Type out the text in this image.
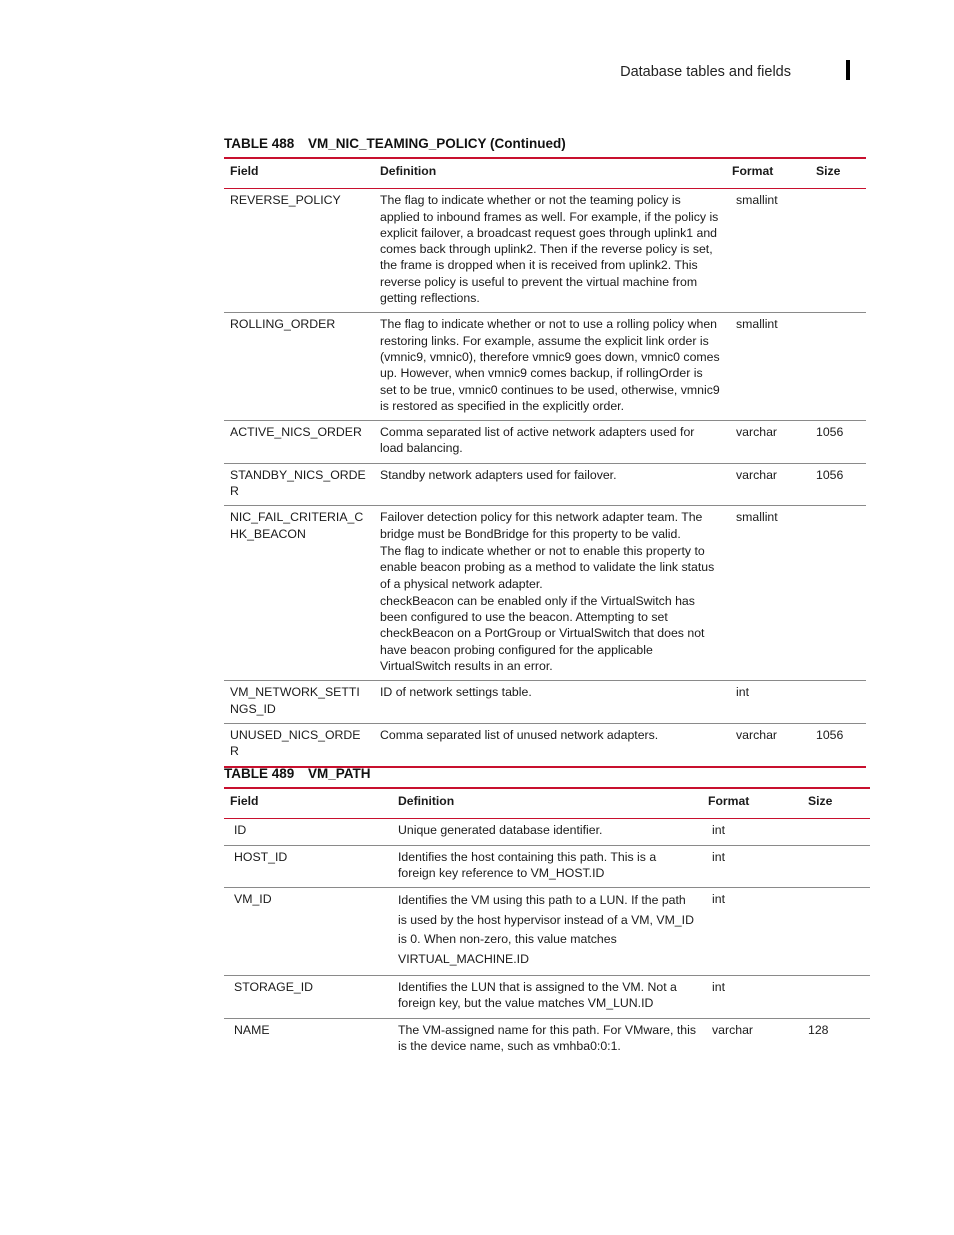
Database tables and fields
TABLE 488 VM_NIC_TEAMING_POLICY (Continued)
Field	Definition	Format	Size
REVERSE_POLICY	The flag to indicate whether or not the teaming policy is applied to inbound frames as well. For example, if the policy is explicit failover, a broadcast request goes through uplink1 and comes back through uplink2. Then if the reverse policy is set, the frame is dropped when it is received from uplink2. This reverse policy is useful to prevent the virtual machine from getting reflections.	smallint	
ROLLING_ORDER	The flag to indicate whether or not to use a rolling policy when restoring links. For example, assume the explicit link order is (vmnic9, vmnic0), therefore vmnic9 goes down, vmnic0 comes up. However, when vmnic9 comes backup, if rollingOrder is set to be true, vmnic0 continues to be used, otherwise, vmnic9 is restored as specified in the explicitly order.	smallint	
ACTIVE_NICS_ORDER	Comma separated list of active network adapters used for load balancing.	varchar	1056
STANDBY_NICS_ORDER	Standby network adapters used for failover.	varchar	1056
NIC_FAIL_CRITERIA_CHK_BEACON	Failover detection policy for this network adapter team. The bridge must be BondBridge for this property to be valid.

The flag to indicate whether or not to enable this property to enable beacon probing as a method to validate the link status of a physical network adapter.

checkBeacon can be enabled only if the VirtualSwitch has been configured to use the beacon. Attempting to set checkBeacon on a PortGroup or VirtualSwitch that does not have beacon probing configured for the applicable VirtualSwitch results in an error.	smallint	
VM_NETWORK_SETTINGS_ID	ID of network settings table.	int	
UNUSED_NICS_ORDER	Comma separated list of unused network adapters.	varchar	1056
TABLE 489 VM_PATH
Field	Definition	Format	Size
ID	Unique generated database identifier.	int	
HOST_ID	Identifies the host containing this path. This is a foreign key reference to VM_HOST.ID	int	
VM_ID	Identifies the VM using this path to a LUN. If the path is used by the host hypervisor instead of a VM, VM_ID is 0. When non-zero, this value matches VIRTUAL_MACHINE.ID	int	
STORAGE_ID	Identifies the LUN that is assigned to the VM. Not a foreign key, but the value matches VM_LUN.ID	int	
NAME	The VM-assigned name for this path. For VMware, this is the device name, such as vmhba0:0:1.	varchar	128
